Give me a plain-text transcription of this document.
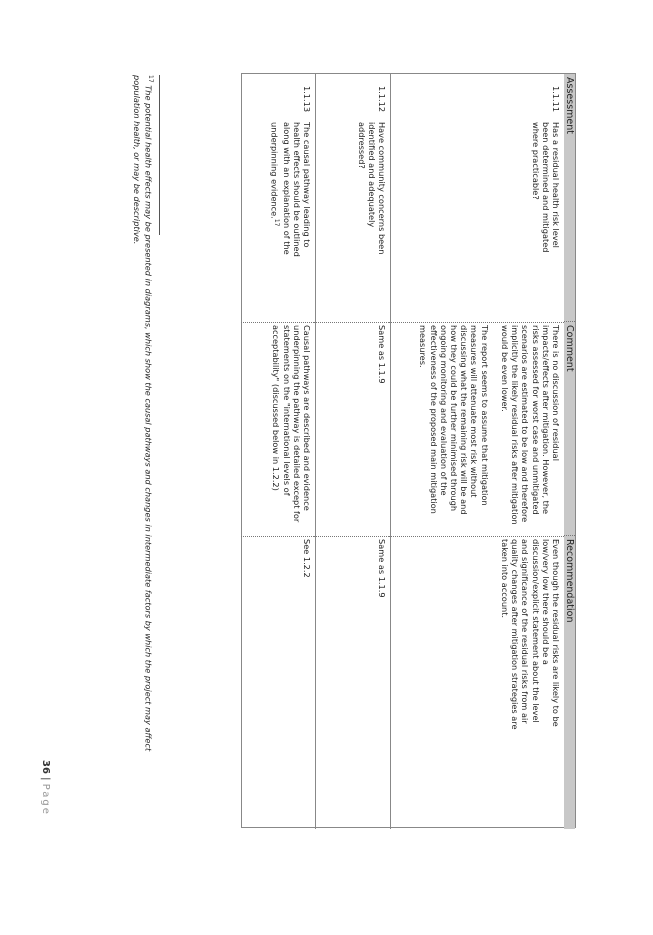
Assessment
Comment
Recommendation
1.1.11
Has a residual health risk level
been determined and mitigated
where practicable?
There is no discussion of residual
impacts/effects after mitigation. However, the
risks assessed for worst case and unmitigated
scenarios are estimated to be low and therefore
implicitly the likely residual risks after mitigation
would be even lower.

The report seems to assume that mitigation
measures will attenuate most risk without
discussing what the remaining risk will be and
how they could be further minimised through
ongoing monitoring and evaluation of the
effectiveness of the proposed main mitigation
measures.
Even though the residual risks are likely to be
low/very low there should be a
discussion/explicit statement about the level
and significance of the residual risks from air
quality changes after mitigation strategies are
taken into account.
1.1.12
Have community concerns been
identified and adequately
addressed?
Same as 1.1.9
Same as 1.1.9
1.1.13
The causal pathway leading to
health effects should be outlined
along with an explanation of the
underpinning evidence.$^{17}$
Causal pathways are described and evidence
underpinning the pathway is detailed except for
statements on the "international levels of
acceptability" (discussed below in 1.2.2)
See 1.2.2
$^{17}$ The potential health effects may be presented in diagrams, which show the causal pathways and changes in intermediate factors by which the project may affect
population health, or may be descriptive.
36 | Page
